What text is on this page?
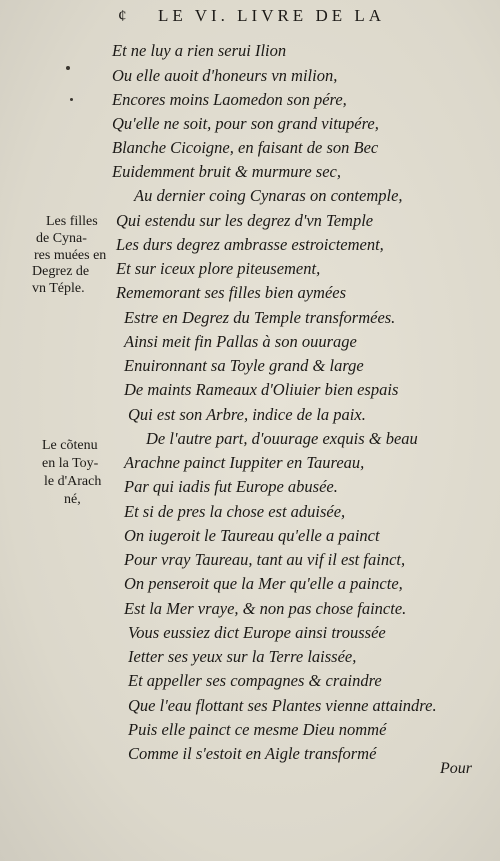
¢ LE VI. LIVRE DE LA
Et ne luy a rien serui Ilion
Ou elle auoit d'honeurs vn milion,
Encores moins Laomedon son pére,
Qu'elle ne soit, pour son grand vitupére,
Blanche Cicoigne, en faisant de son Bec
Euidemment bruit & murmure sec,
Au dernier coing Cynaras on contemple,
Qui estendu sur les degrez d'vn Temple
Les durs degrez ambrasse estroictement,
Et sur iceux plore piteusement,
Rememorant ses filles bien aymées
Estre en Degrez du Temple transformées.
Ainsi meit fin Pallas à son ouurage
Enuironnant sa Toyle grand & large
De maints Rameaux d'Oliuier bien espais
Qui est son Arbre, indice de la paix.
De l'autre part, d'ouurage exquis & beau
Arachne painct Iuppiter en Taureau,
Par qui iadis fut Europe abusée.
Et si de pres la chose est aduisée,
On iugeroit le Taureau qu'elle a painct
Pour vray Taureau, tant au vif il est fainct,
On penseroit que la Mer qu'elle a paincte,
Est la Mer vraye, & non pas chose faincte.
Vous eussiez dict Europe ainsi troussée
Ietter ses yeux sur la Terre laissée,
Et appeller ses compagnes & craindre
Que l'eau flottant ses Plantes vienne attaindre.
Puis elle painct ce mesme Dieu nommé
Comme il s'estoit en Aigle transformé
Les filles
de Cyna-
res muées en
Degrez de
vn Téple.
Le cõtenu
en la Toy-
le d'Arach
né,
Pour
